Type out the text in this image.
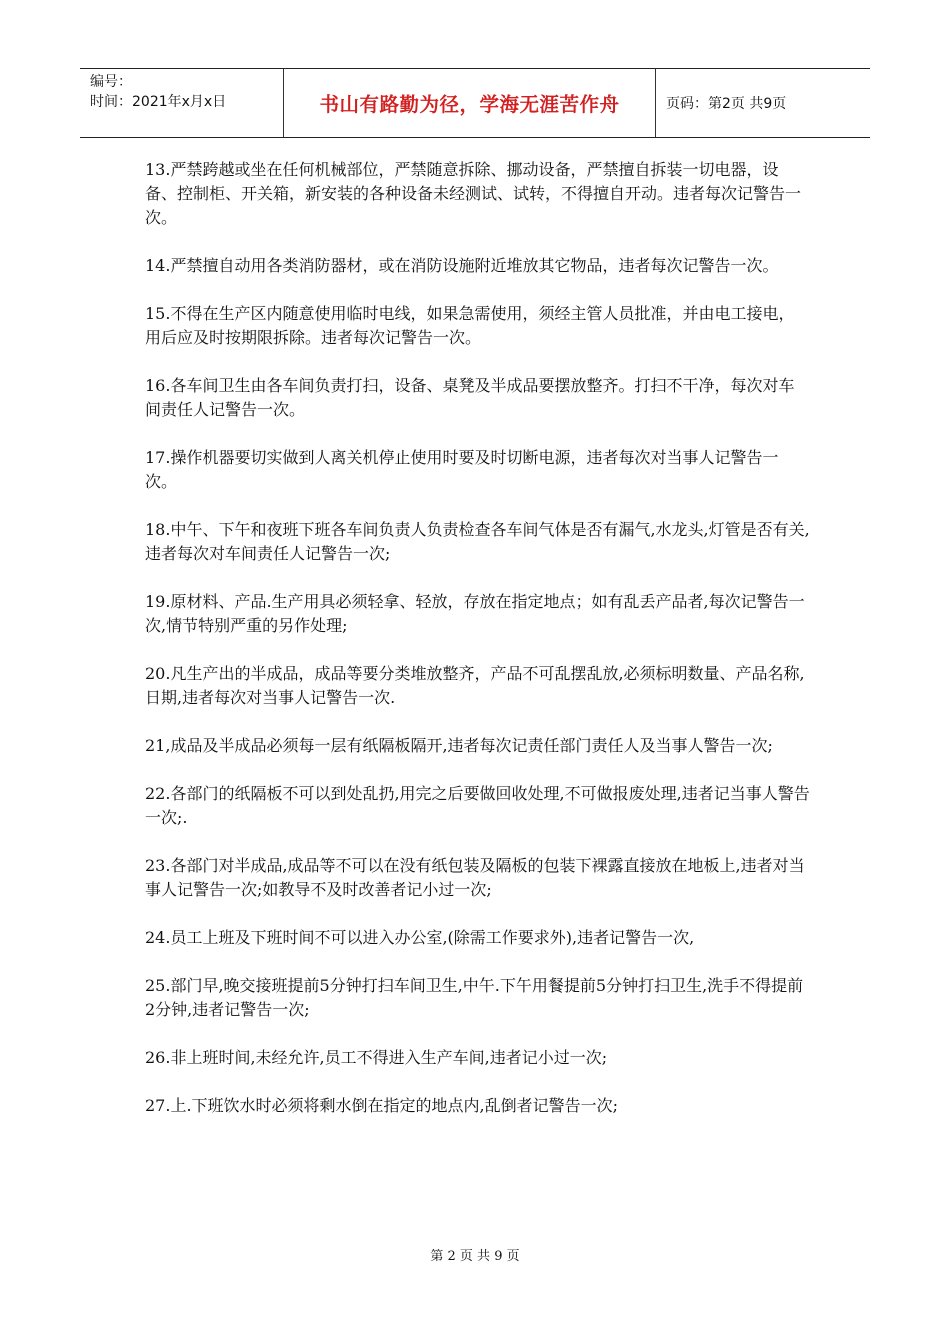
编号：
时间：2021年x月x日	书山有路勤为径，学海无涯苦作舟	页码：第2页 共9页

13.严禁跨越或坐在任何机械部位，严禁随意拆除、挪动设备，严禁擅自拆装一切电器，设备、控制柜、开关箱，新安装的各种设备未经测试、试转，不得擅自开动。违者每次记警告一次。

14.严禁擅自动用各类消防器材，或在消防设施附近堆放其它物品，违者每次记警告一次。

15.不得在生产区内随意使用临时电线，如果急需使用，须经主管人员批准，并由电工接电，用后应及时按期限拆除。违者每次记警告一次。

16.各车间卫生由各车间负责打扫，设备、桌凳及半成品要摆放整齐。打扫不干净，每次对车间责任人记警告一次。

17.操作机器要切实做到人离关机停止使用时要及时切断电源，违者每次对当事人记警告一次。

18.中午、下午和夜班下班各车间负责人负责检查各车间气体是否有漏气,水龙头,灯管是否有关,违者每次对车间责任人记警告一次;

19.原材料、产品.生产用具必须轻拿、轻放，存放在指定地点；如有乱丢产品者,每次记警告一次,情节特别严重的另作处理;

20.凡生产出的半成品，成品等要分类堆放整齐，产品不可乱摆乱放,必须标明数量、产品名称,日期,违者每次对当事人记警告一次.

21,成品及半成品必须每一层有纸隔板隔开,违者每次记责任部门责任人及当事人警告一次;

22.各部门的纸隔板不可以到处乱扔,用完之后要做回收处理,不可做报废处理,违者记当事人警告一次;.

23.各部门对半成品,成品等不可以在没有纸包装及隔板的包装下裸露直接放在地板上,违者对当事人记警告一次;如教导不及时改善者记小过一次;

24.员工上班及下班时间不可以进入办公室,(除需工作要求外),违者记警告一次,

25.部门早,晚交接班提前5分钟打扫车间卫生,中午.下午用餐提前5分钟打扫卫生,洗手不得提前2分钟,违者记警告一次;

26.非上班时间,未经允许,员工不得进入生产车间,违者记小过一次;

27.上.下班饮水时必须将剩水倒在指定的地点内,乱倒者记警告一次;

第 2 页 共 9 页
